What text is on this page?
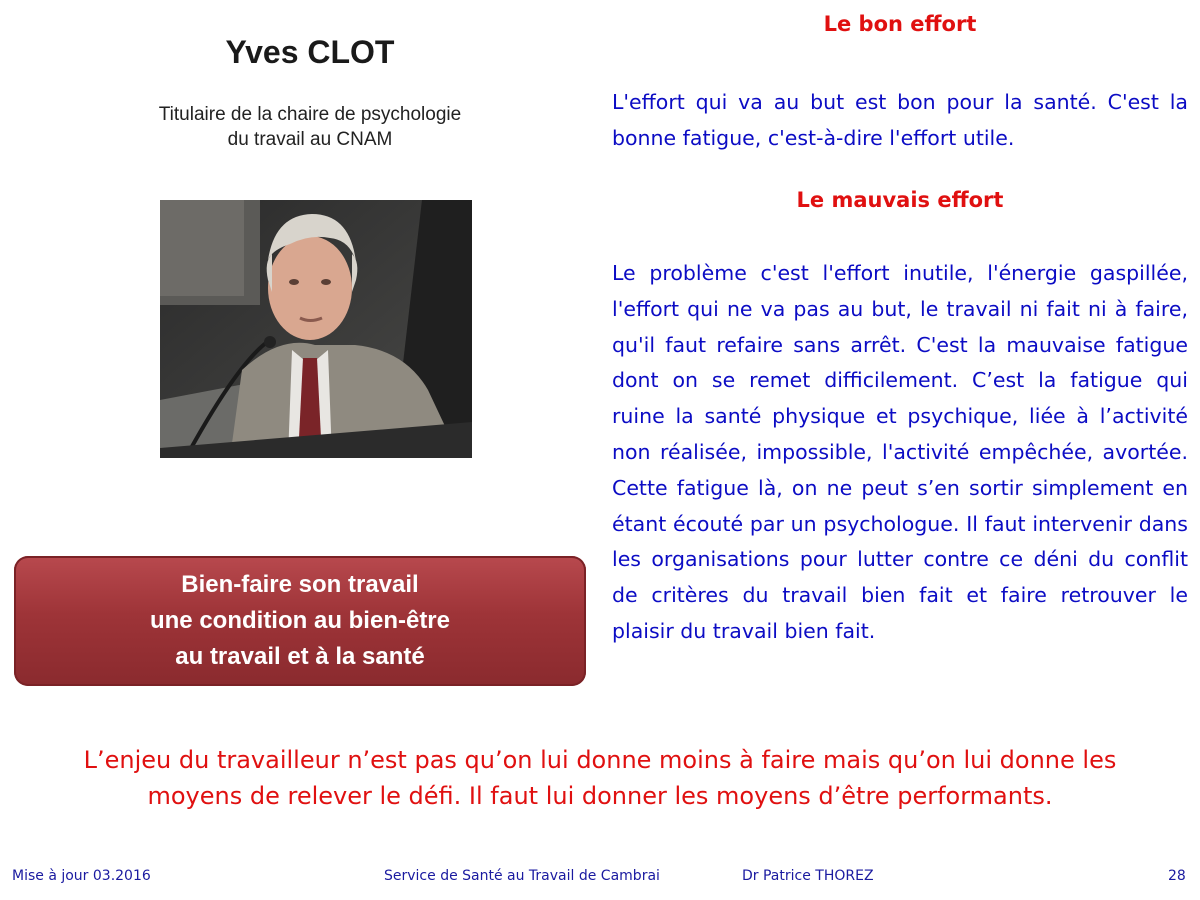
Yves CLOT
Titulaire de la chaire de psychologie
du travail au CNAM
Bien-faire son travail
une condition au bien-être
au travail et à la santé
Le bon effort

L'effort qui va au but est bon pour la santé. C'est la bonne fatigue, c'est-à-dire l'effort utile.

Le mauvais effort

Le problème c'est l'effort inutile, l'énergie gaspillée, l'effort qui ne va pas au but, le travail ni fait ni à faire, qu'il faut refaire sans arrêt. C'est la mauvaise fatigue dont on se remet difficilement. C’est la fatigue qui ruine la santé physique et psychique, liée à l’activité non réalisée, impossible, l'activité empêchée, avortée. Cette fatigue là, on ne peut s’en sortir simplement en étant écouté par un psychologue. Il faut intervenir dans les organisations pour lutter contre ce déni du conflit de critères du travail bien fait et faire retrouver le plaisir du travail bien fait.

L’enjeu du travailleur n’est pas qu’on lui donne moins à faire mais qu’on lui donne les
moyens de relever le défi. Il faut lui donner les moyens d’être performants.
Mise à jour 03.2016	Service de Santé au Travail de Cambrai	Dr Patrice THOREZ	28
